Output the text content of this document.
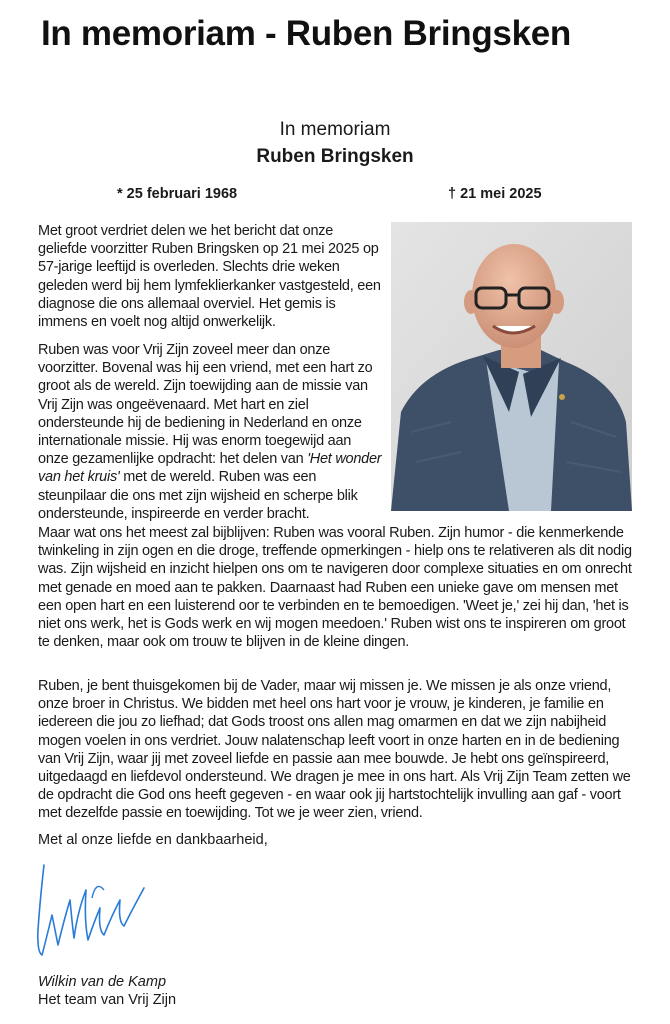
In memoriam - Ruben Bringsken
In memoriam
Ruben Bringsken
* 25 februari 1968	† 21 mei 2025

Met groot verdriet delen we het bericht dat onze geliefde voorzitter Ruben Bringsken op 21 mei 2025 op 57-jarige leeftijd is overleden. Slechts drie weken geleden werd bij hem lymfeklierkanker vastgesteld, een diagnose die ons allemaal overviel. Het gemis is immens en voelt nog altijd onwerkelijk.

Ruben was voor Vrij Zijn zoveel meer dan onze voorzitter. Bovenal was hij een vriend, met een hart zo groot als de wereld. Zijn toewijding aan de missie van Vrij Zijn was ongeëvenaard. Met hart en ziel ondersteunde hij de bediening in Nederland en onze internationale missie. Hij was enorm toegewijd aan onze gezamenlijke opdracht: het delen van 'Het wonder van het kruis' met de wereld. Ruben was een steunpilaar die ons met zijn wijsheid en scherpe blik ondersteunde, inspireerde en verder bracht.

Maar wat ons het meest zal bijblijven: Ruben was vooral Ruben. Zijn humor - die kenmerkende twinkeling in zijn ogen en die droge, treffende opmerkingen - hielp ons te relativeren als dit nodig was. Zijn wijsheid en inzicht hielpen ons om te navigeren door complexe situaties en om onrecht met genade en moed aan te pakken. Daarnaast had Ruben een unieke gave om mensen met een open hart en een luisterend oor te verbinden en te bemoedigen. 'Weet je,' zei hij dan, 'het is niet ons werk, het is Gods werk en wij mogen meedoen.' Ruben wist ons te inspireren om groot te denken, maar ook om trouw te blijven in de kleine dingen.

Ruben, je bent thuisgekomen bij de Vader, maar wij missen je. We missen je als onze vriend, onze broer in Christus. We bidden met heel ons hart voor je vrouw, je kinderen, je familie en iedereen die jou zo liefhad; dat Gods troost ons allen mag omarmen en dat we zijn nabijheid mogen voelen in ons verdriet. Jouw nalatenschap leeft voort in onze harten en in de bediening van Vrij Zijn, waar jij met zoveel liefde en passie aan mee bouwde. Je hebt ons geïnspireerd, uitgedaagd en liefdevol ondersteund. We dragen je mee in ons hart. Als Vrij Zijn Team zetten we de opdracht die God ons heeft gegeven - en waar ook jij hartstochtelijk invulling aan gaf - voort met dezelfde passie en toewijding. Tot we je weer zien, vriend.

Met al onze liefde en dankbaarheid,
Wilkin van de Kamp
Het team van Vrij Zijn
